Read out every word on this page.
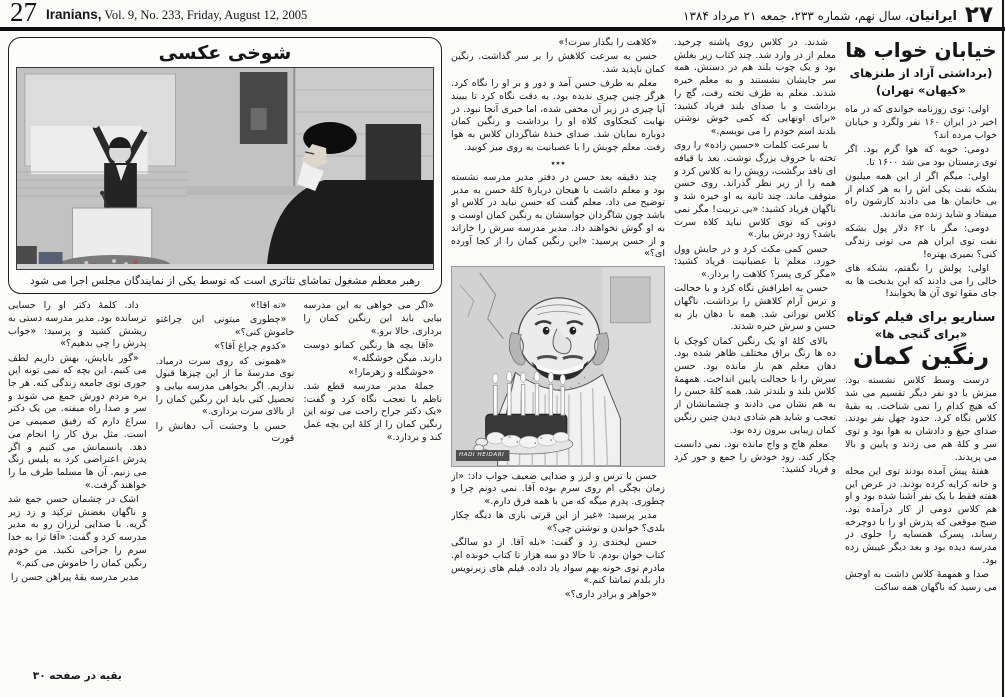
27 Iranians, Vol. 9, No. 233, Friday, August 12, 2005	۲۷
ایرانیان، سال نهم، شماره ۲۳۳، جمعه ۲۱ مرداد ۱۳۸۴
خیابان خواب ها
(برداشتی آزاد از طنزهای «کیهان» تهران)

اولی: توی روزنامه خواندی که در ماه اخیر در ایران ۱۶۰ نفر ولگرد و خیابان خواب مرده اند؟

دومی: خوبه که هوا گرم بود. اگر توی زمستان بود می شد ۱۶۰۰ تا.

اولی: میگم اگر از این همه میلیون بشکه نفت یکی اش را به هر کدام از بی خانمان ها می دادند کارشون راه میفتاد و شاید زنده می ماندند.

دومی: مگر با ۶۲ دلار پول بشکه نفت توی ایران هم می تونی زندگی کنی؟ بمیری بهتره!

اولی: پولش را نگفتم، بشکه های خالی را می دادند که این بدبخت ها به جای مقوا توی آن ها بخوابند!

سناریو برای فیلم کوتاه
«برای گنجی ها»
رنگین کمان

درست وسط کلاس نشسته بود. میزش با دو نفر دیگر تقسیم می شد که هیچ کدام را نمی شناخت. به بقیهٔ کلاس نگاه کرد. حدود چهل نفر بودند. صدای جیغ و دادشان به هوا بود و توی سر و کلهٔ هم می زدند و پایین و بالا می پریدند.

هفتهٔ پیش آمده بودند توی این محله و خانه کرایه کرده بودند. در عرض این هفته فقط با یک نفر آشنا شده بود و او هم کلاس دومی از کار درآمده بود. صبح موقعی که پدرش او را با دوچرخه رساند، پسرک همسایه را جلوی در مدرسه دیده بود و بعد دیگر غیبش زده بود.

صدا و همهمهٔ کلاس داشت به اوجش می رسید که ناگهان همه ساکت

شدند. در کلاس روی پاشنه چرخید. معلم از در وارد شد. چند کتاب زیر بغلش بود و یک چوب بلند هم در دستش. همه سر جایشان نشستند و به معلم خیره شدند. معلم به طرف تخته رفت، گچ را برداشت و با صدای بلند فریاد کشید: «برای اونهایی که کمی خوش نوشتن بلدند اسم خودم را می نویسم.»

با سرعت کلمات «حسین زاده» را روی تخته با حروف بزرگ نوشت. بعد با قیافه ای نافذ برگشت، رویش را به کلاس کرد و همه را از زیر نظر گذراند. روی حسن متوقف ماند. چند ثانیه به او خیره شد و ناگهان فریاد کشید: «بی تربیت! مگر نمی دونی که توی کلاس نباید کلاه سرت باشد؟ زود درش بیار.»

حسن کمی مکث کرد و در جایش وول خورد. معلم با عصبانیت فریاد کشید: «مگر کری پسر؟ کلاهت را بردار.»

حسن به اطرافش نگاه کرد و با خجالت و ترس آرام کلاهش را برداشت. ناگهان کلاس نورانی شد. همه با دهان باز به حسن و سرش خیره شدند.

بالای کلهٔ او یک رنگین کمان کوچک با ده ها رنگ براق مختلف ظاهر شده بود. دهان معلم هم باز مانده بود. حسن سرش را با خجالت پایین انداخت. همهمهٔ کلاس بلند و بلندتر شد. همه کلهٔ حسن را به هم نشان می دادند و چشمانشان از تعجب و شاید هم شادی دیدن چنین رنگین کمان زیبایی بیرون زده بود.

معلم هاج و واج مانده بود. نمی دانست چکار کند. زود خودش را جمع و جور کرد و فریاد کشید:

«کلاهت را بگذار سرت!»

حسن به سرعت کلاهش را بر سر گذاشت. رنگین کمان ناپدید شد.

معلم به طرف حسن آمد و دور و بر او را نگاه کرد. هرگز چنین چیزی ندیده بود. به دقت نگاه کرد تا ببیند آیا چیزی در زیر آن مخفی شده، اما خبری آنجا نبود. در نهایت کنجکاوی کلاه او را برداشت و رنگین کمان دوباره نمایان شد. صدای خندهٔ شاگردان کلاس به هوا رفت. معلم چوبش را با عصبانیت به روی میز کوبید.

٭٭٭

چند دقیقه بعد حسن در دفتر مدیر مدرسه نشسته بود و معلم داشت با هیجان دربارهٔ کلهٔ حسن به مدیر توضیح می داد. معلم گفت که حسن نباید در کلاس او باشد چون شاگردان حواسشان به رنگین کمان اوست و به او گوش نخواهند داد. مدیر مدرسه سرش را خاراند و از حسن پرسید: «این رنگین کمان را از کجا آورده ای؟»

HADI HEIDARI

حسن با ترس و لرز و صدایی ضعیف جواب داد: «از زمان بچگی ام روی سرم بوده آقا. نمی دونم چرا و چطوری. پدرم میگه که من با همه فرق دارم.»

مدیر پرسید: «غیر از این قرتی بازی ها دیگه چکار بلدی؟ خواندن و نوشتن چی؟»

حسن لبخندی زد و گفت: «بله آقا. از دو سالگی کتاب خوان بودم. تا حالا دو سه هزار تا کتاب خونده ام. مادرم توی خونه بهم سواد یاد داده. فیلم های زیرنویس دار بلدم تماشا کنم.»

«خواهر و برادر داری؟»

شوخی عکسی
رهبر معظم مشغول تماشای تئاتری است که توسط یکی از نمایندگان مجلس اجرا می شود

«اگر می خواهی به این مدرسه بیایی باید این رنگین کمان را برداری. حالا برو.»

«آقا بچه ها رنگین کمانو دوست دارند. میگن خوشگله.»

«خوشگله و زهرمار!»

جملهٔ مدیر مدرسه قطع شد. ناظم با تعجب نگاه کرد و گفت: «یک دکتر جراح راحت می تونه این رنگین کمان را از کلهٔ این بچه عمل کند و بردارد.»

«نه آقا!»

«چطوری میتونی این چراغتو خاموش کنی؟»

«کدوم چراغ آقا؟»

«همونی که روی سرت درمیاد. توی مدرسهٔ ما از این چیزها قبول نداریم. اگر بخواهی مدرسه بیایی و تحصیل کنی باید این رنگین کمان را از بالای سرت برداری.»

حسن با وحشت آب دهانش را قورت

داد. کلمهٔ دکتر او را حسابی ترسانده بود. مدیر مدرسه دستی به ریشش کشید و پرسید: «جواب پدرش را چی بدهیم؟»

«گور بابایش، بهش داریم لطف می کنیم. این بچه که نمی تونه این جوری توی جامعه زندگی کنه. هر جا بره مردم دورش جمع می شوند و سر و صدا راه میفته. من یک دکتر سراغ دارم که رفیق صمیمی من است. مثل برق کار را انجام می دهد. پانسمانش می کنیم و اگر پدرش اعتراضی کرد به پلیس زنگ می زنیم. آن ها مسلما طرف ما را خواهند گرفت.»

اشک در چشمان حسن جمع شد و ناگهان بغضش ترکید و زد زیر گریه. با صدایی لرزان رو به مدیر مدرسه کرد و گفت: «آقا ترا به خدا سرم را جراحی نکنید. من خودم رنگین کمان را خاموش می کنم.»

مدیر مدرسه یقهٔ پیراهن حسن را

بقیه در صفحه ۳۰
